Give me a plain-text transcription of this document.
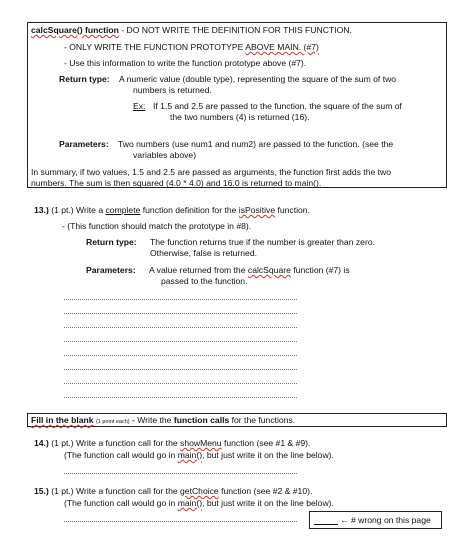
calcSquare() function - DO NOT WRITE THE DEFINITION FOR THIS FUNCTION.
- ONLY WRITE THE FUNCTION PROTOTYPE ABOVE MAIN. (#7)
- Use this information to write the function prototype above (#7).
Return type: A numeric value (double type), representing the square of the sum of two
numbers is returned.
Ex: If 1.5 and 2.5 are passed to the function, the square of the sum of
the two numbers (4) is returned (16).
Parameters: Two numbers (use num1 and num2) are passed to the function. (see the
variables above)
In summary, if two values, 1.5 and 2.5 are passed as arguments, the function first adds the two
numbers. The sum is then squared (4.0 * 4.0) and 16.0 is returned to main().
13.) (1 pt.) Write a complete function definition for the isPositive function.
- (This function should match the prototype in #8).
Return type: The function returns true if the number is greater than zero.
Otherwise, false is returned.
Parameters: A value returned from the calcSquare function (#7) is
passed to the function.
Fill in the blank (1 point each) - Write the function calls for the functions.
14.) (1 pt.) Write a function call for the showMenu function (see #1 & #9).
(The function call would go in main(), but just write it on the line below).
15.) (1 pt.) Write a function call for the getChoice function (see #2 & #10).
(The function call would go in main(), but just write it on the line below).
← # wrong on this page
